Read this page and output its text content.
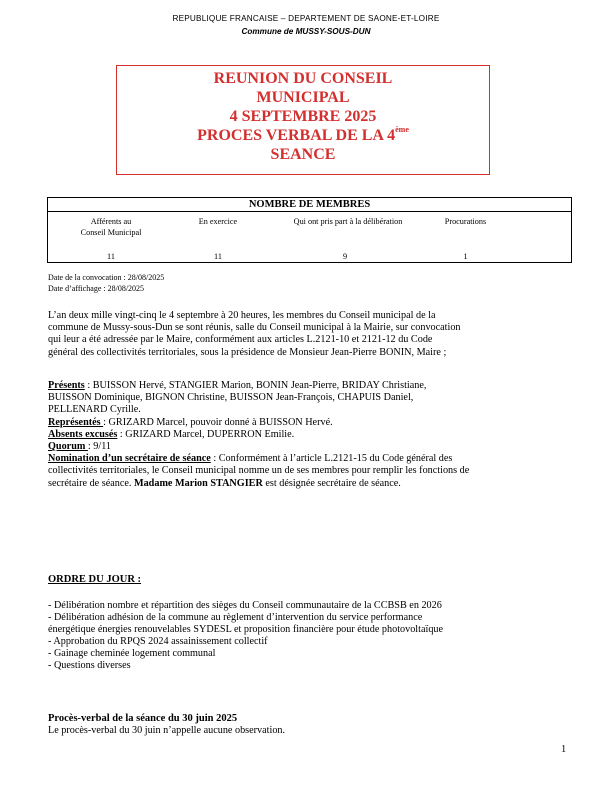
REPUBLIQUE FRANCAISE – DEPARTEMENT DE SAONE-ET-LOIRE
Commune de MUSSY-SOUS-DUN
REUNION DU CONSEIL
MUNICIPAL
4 SEPTEMBRE 2025
PROCES VERBAL DE LA 4ème
SEANCE
NOMBRE DE MEMBRES
Afférents au
Conseil Municipal
11
En exercice
11
Qui ont pris part à la délibération
9
Procurations
1
Date de la convocation : 28/08/2025
Date d’affichage : 28/08/2025
L’an deux mille vingt-cinq le 4 septembre à 20 heures, les membres du Conseil municipal de la
commune de Mussy-sous-Dun se sont réunis, salle du Conseil municipal à la Mairie, sur convocation
qui leur a été adressée par le Maire, conformément aux articles L.2121-10 et 2121-12 du Code
général des collectivités territoriales, sous la présidence de Monsieur Jean-Pierre BONIN, Maire ;
Présents : BUISSON Hervé, STANGIER Marion, BONIN Jean-Pierre, BRIDAY Christiane,
BUISSON Dominique, BIGNON Christine, BUISSON Jean-François, CHAPUIS Daniel,
PELLENARD Cyrille.
Représentés : GRIZARD Marcel, pouvoir donné à BUISSON Hervé.
Absents excusés : GRIZARD Marcel, DUPERRON Emilie.
Quorum : 9/11
Nomination d’un secrétaire de séance : Conformément à l’article L.2121-15 du Code général des
collectivités territoriales, le Conseil municipal nomme un de ses membres pour remplir les fonctions de
secrétaire de séance. Madame Marion STANGIER est désignée secrétaire de séance.
ORDRE DU JOUR :
- Délibération nombre et répartition des sièges du Conseil communautaire de la CCBSB en 2026
- Délibération adhésion de la commune au règlement d’intervention du service performance
énergétique énergies renouvelables SYDESL et proposition financière pour étude photovoltaïque
- Approbation du RPQS 2024 assainissement collectif
- Gainage cheminée logement communal
- Questions diverses
Procès-verbal de la séance du 30 juin 2025
Le procès-verbal du 30 juin n’appelle aucune observation.
1
